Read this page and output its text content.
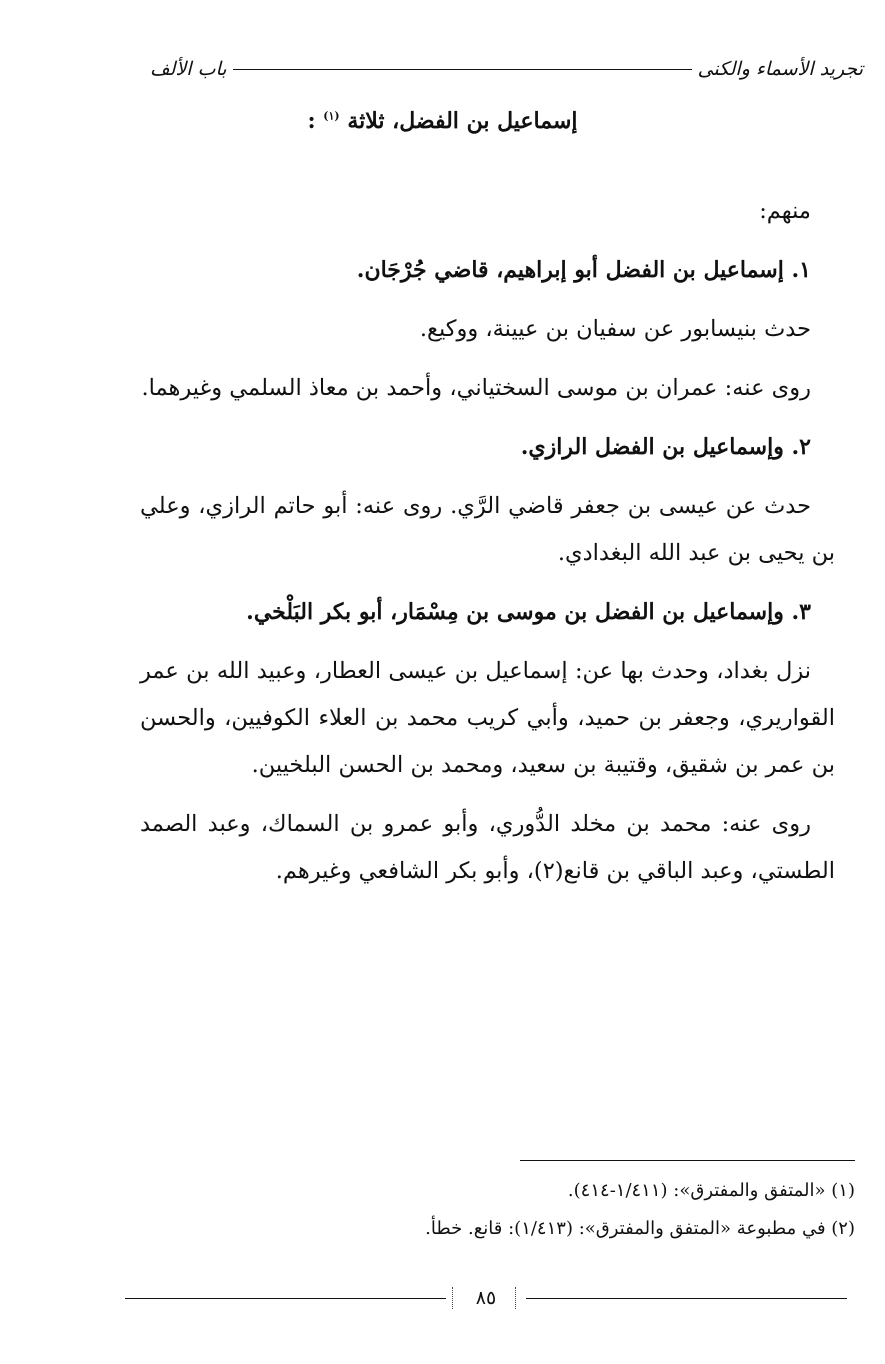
تجريد الأسماء والكنى
باب الألف
إسماعيل بن الفضل، ثلاثة $^{(١)}$ :

منهم:

١. إسماعيل بن الفضل أبو إبراهيم، قاضي جُرْجَان.

حدث بنيسابور عن سفيان بن عيينة، ووكيع.

روى عنه: عمران بن موسى السختياني، وأحمد بن معاذ السلمي وغيرهما.

٢. وإسماعيل بن الفضل الرازي.

حدث عن عيسى بن جعفر قاضي الرَّي. روى عنه: أبو حاتم الرازي، وعلي بن يحيى بن عبد الله البغدادي.

٣. وإسماعيل بن الفضل بن موسى بن مِسْمَار، أبو بكر البَلْخي.

نزل بغداد، وحدث بها عن: إسماعيل بن عيسى العطار، وعبيد الله بن عمر القواريري، وجعفر بن حميد، وأبي كريب محمد بن العلاء الكوفيين، والحسن بن عمر بن شقيق، وقتيبة بن سعيد، ومحمد بن الحسن البلخيين.

روى عنه: محمد بن مخلد الدُّوري، وأبو عمرو بن السماك، وعبد الصمد الطستي، وعبد الباقي بن قانع(٢)، وأبو بكر الشافعي وغيرهم.

(١) «المتفق والمفترق»: (١/٤١١-٤١٤).
(٢) في مطبوعة «المتفق والمفترق»: (١/٤١٣): قانع. خطأ.
٨٥
